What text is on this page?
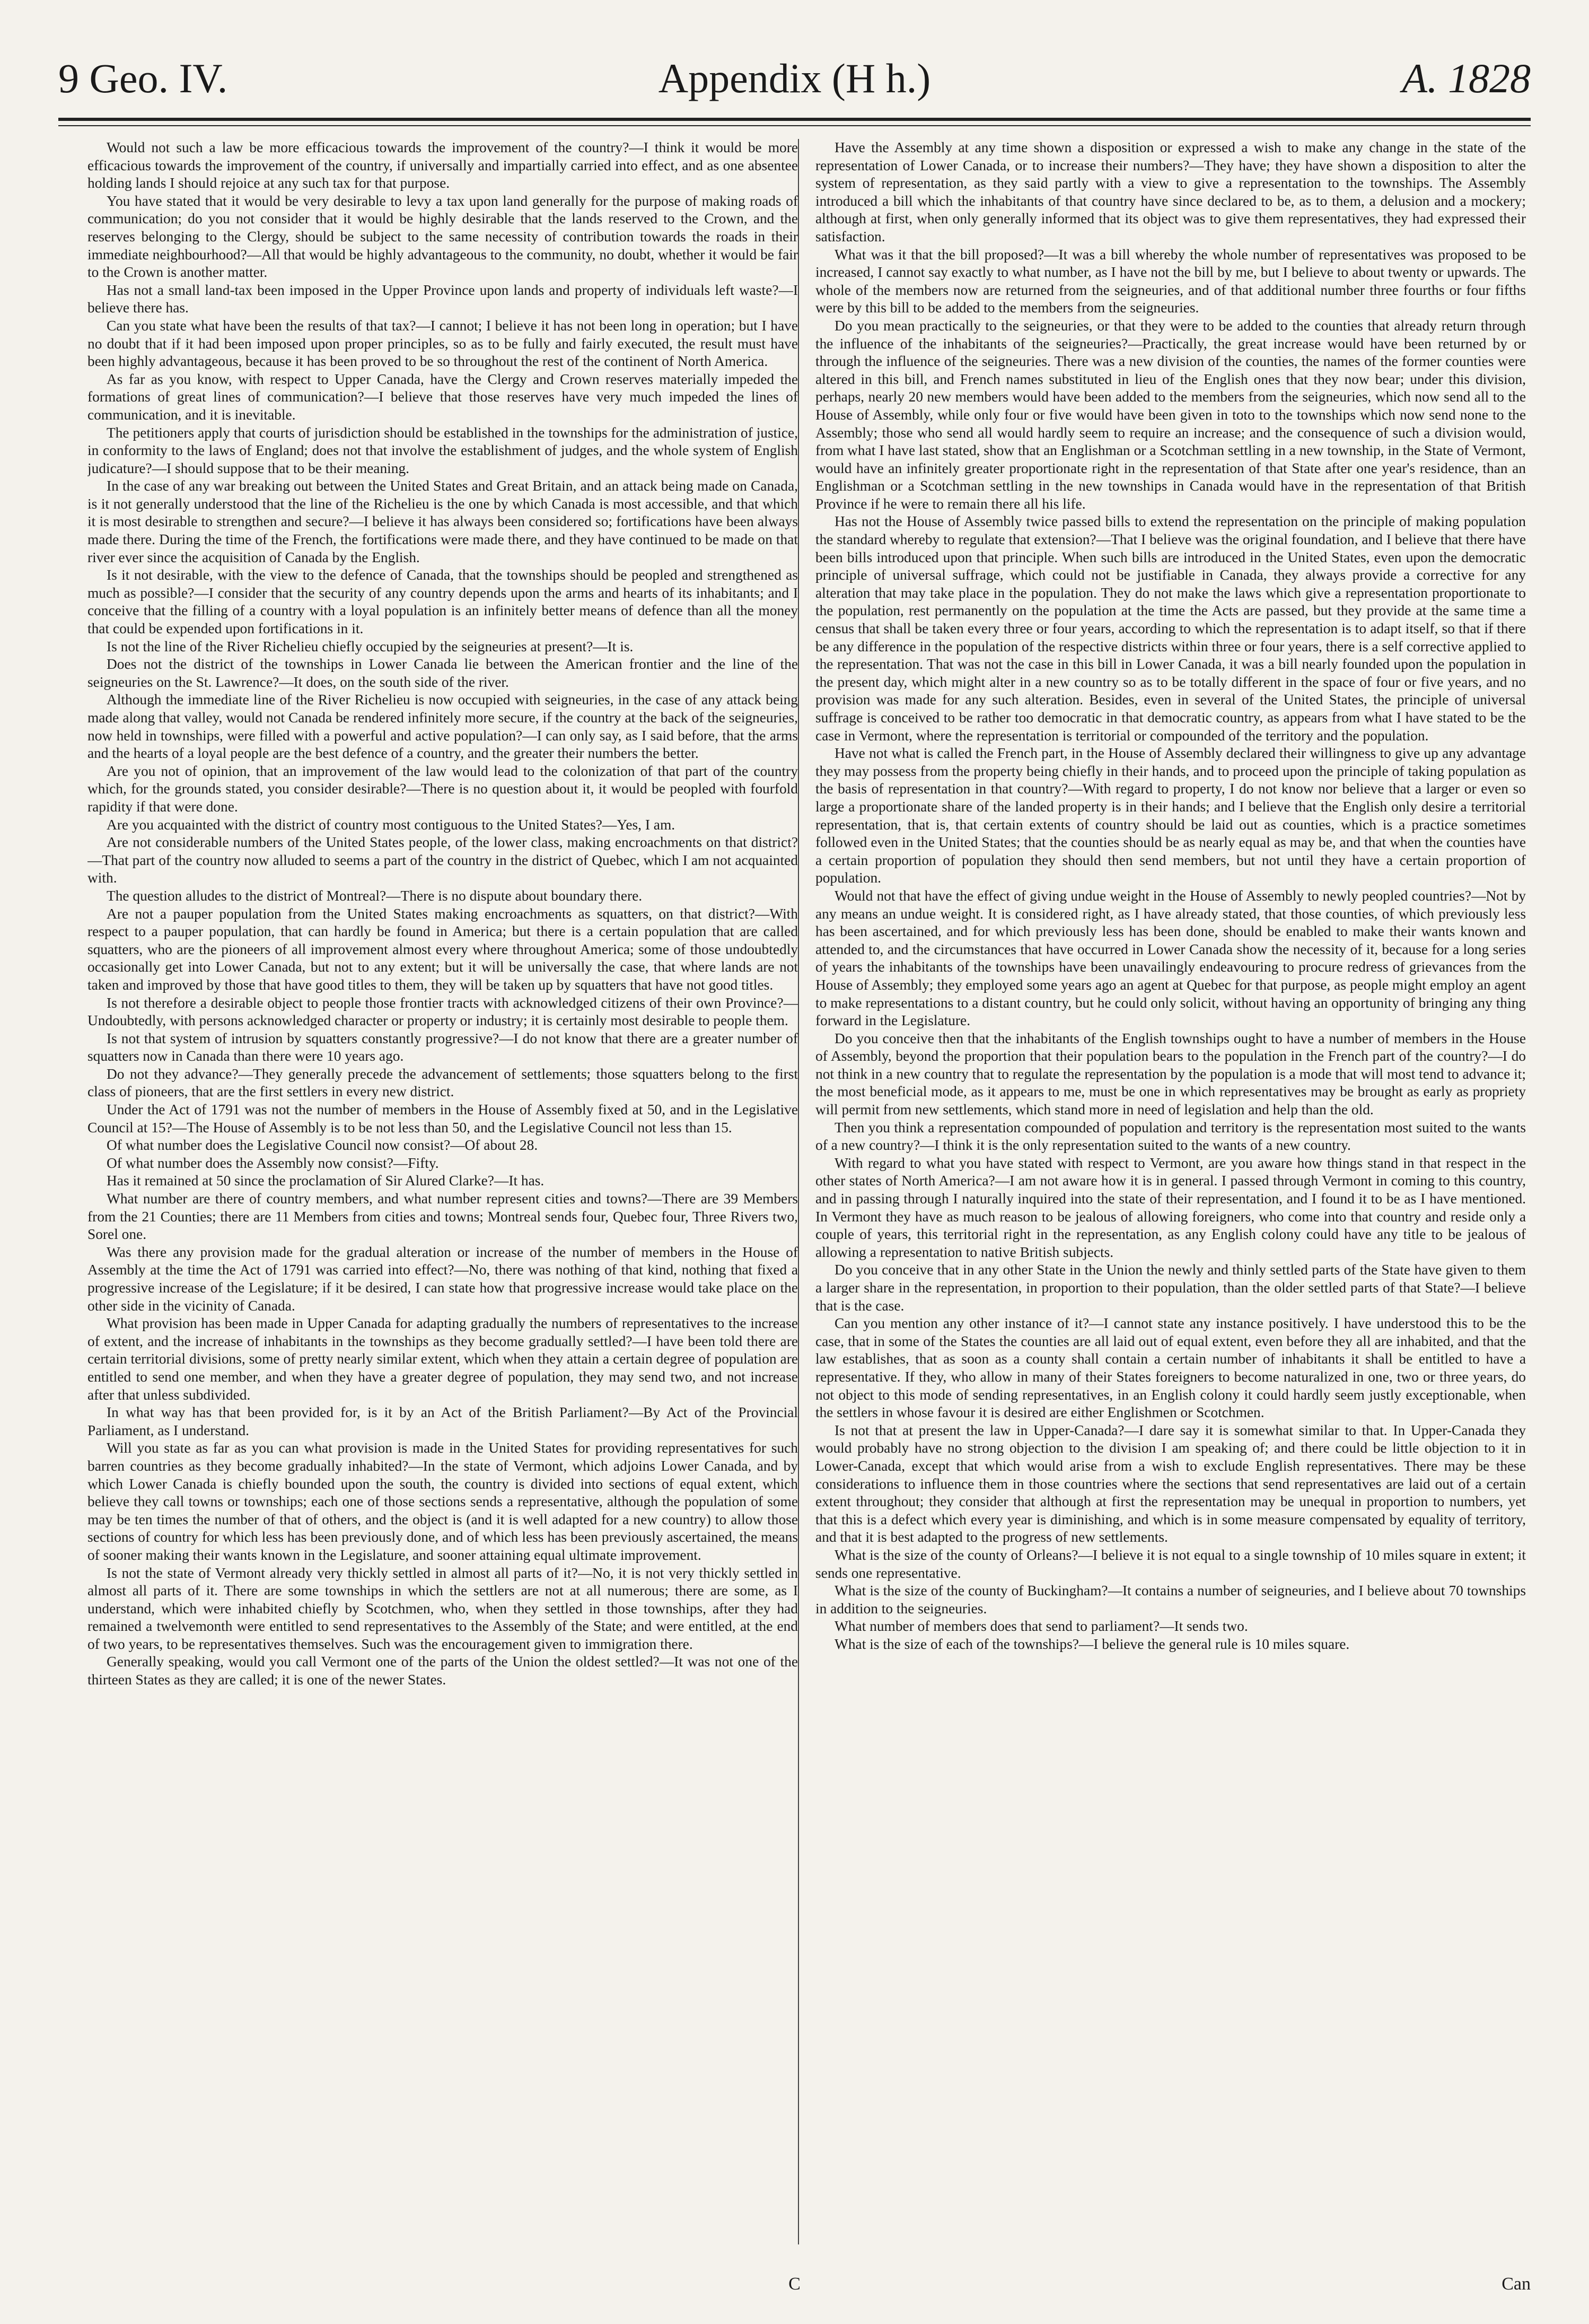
9 Geo. IV.	Appendix (H h.)	A. 1828

Would not such a law be more efficacious towards the improvement of the country?—I think it would be more efficacious towards the improvement of the country, if universally and impartially carried into effect, and as one absentee holding lands I should rejoice at any such tax for that purpose.

You have stated that it would be very desirable to levy a tax upon land generally for the purpose of making roads of communication; do you not consider that it would be highly desirable that the lands reserved to the Crown, and the reserves belonging to the Clergy, should be subject to the same necessity of contribution towards the roads in their immediate neighbourhood?—All that would be highly advantageous to the community, no doubt, whether it would be fair to the Crown is another matter.

Has not a small land-tax been imposed in the Upper Province upon lands and property of individuals left waste?—I believe there has.

Can you state what have been the results of that tax?—I cannot; I believe it has not been long in operation; but I have no doubt that if it had been imposed upon proper principles, so as to be fully and fairly executed, the result must have been highly advantageous, because it has been proved to be so throughout the rest of the continent of North America.

As far as you know, with respect to Upper Canada, have the Clergy and Crown reserves materially impeded the formations of great lines of communication?—I believe that those reserves have very much impeded the lines of communication, and it is inevitable.

The petitioners apply that courts of jurisdiction should be established in the townships for the administration of justice, in conformity to the laws of England; does not that involve the establishment of judges, and the whole system of English judicature?—I should suppose that to be their meaning.

In the case of any war breaking out between the United States and Great Britain, and an attack being made on Canada, is it not generally understood that the line of the Richelieu is the one by which Canada is most accessible, and that which it is most desirable to strengthen and secure?—I believe it has always been considered so; fortifications have been always made there. During the time of the French, the fortifications were made there, and they have continued to be made on that river ever since the acquisition of Canada by the English.

Is it not desirable, with the view to the defence of Canada, that the townships should be peopled and strengthened as much as possible?—I consider that the security of any country depends upon the arms and hearts of its inhabitants; and I conceive that the filling of a country with a loyal population is an infinitely better means of defence than all the money that could be expended upon fortifications in it.

Is not the line of the River Richelieu chiefly occupied by the seigneuries at present?—It is.

Does not the district of the townships in Lower Canada lie between the American frontier and the line of the seigneuries on the St. Lawrence?—It does, on the south side of the river.

Although the immediate line of the River Richelieu is now occupied with seigneuries, in the case of any attack being made along that valley, would not Canada be rendered infinitely more secure, if the country at the back of the seigneuries, now held in townships, were filled with a powerful and active population?—I can only say, as I said before, that the arms and the hearts of a loyal people are the best defence of a country, and the greater their numbers the better.

Are you not of opinion, that an improvement of the law would lead to the colonization of that part of the country which, for the grounds stated, you consider desirable?—There is no question about it, it would be peopled with fourfold rapidity if that were done.

Are you acquainted with the district of country most contiguous to the United States?—Yes, I am.

Are not considerable numbers of the United States people, of the lower class, making encroachments on that district?—That part of the country now alluded to seems a part of the country in the district of Quebec, which I am not acquainted with.

The question alludes to the district of Montreal?—There is no dispute about boundary there.

Are not a pauper population from the United States making encroachments as squatters, on that district?—With respect to a pauper population, that can hardly be found in America; but there is a certain population that are called squatters, who are the pioneers of all improvement almost every where throughout America; some of those undoubtedly occasionally get into Lower Canada, but not to any extent; but it will be universally the case, that where lands are not taken and improved by those that have good titles to them, they will be taken up by squatters that have not good titles.

Is not therefore a desirable object to people those frontier tracts with acknowledged citizens of their own Province?—Undoubtedly, with persons acknowledged character or property or industry; it is certainly most desirable to people them.

Is not that system of intrusion by squatters constantly progressive?—I do not know that there are a greater number of squatters now in Canada than there were 10 years ago.

Do not they advance?—They generally precede the advancement of settlements; those squatters belong to the first class of pioneers, that are the first settlers in every new district.

Under the Act of 1791 was not the number of members in the House of Assembly fixed at 50, and in the Legislative Council at 15?—The House of Assembly is to be not less than 50, and the Legislative Council not less than 15.

Of what number does the Legislative Council now consist?—Of about 28.

Of what number does the Assembly now consist?—Fifty.

Has it remained at 50 since the proclamation of Sir Alured Clarke?—It has.

What number are there of country members, and what number represent cities and towns?—There are 39 Members from the 21 Counties; there are 11 Members from cities and towns; Montreal sends four, Quebec four, Three Rivers two, Sorel one.

Was there any provision made for the gradual alteration or increase of the number of members in the House of Assembly at the time the Act of 1791 was carried into effect?—No, there was nothing of that kind, nothing that fixed a progressive increase of the Legislature; if it be desired, I can state how that progressive increase would take place on the other side in the vicinity of Canada.

What provision has been made in Upper Canada for adapting gradually the numbers of representatives to the increase of extent, and the increase of inhabitants in the townships as they become gradually settled?—I have been told there are certain territorial divisions, some of pretty nearly similar extent, which when they attain a certain degree of population are entitled to send one member, and when they have a greater degree of population, they may send two, and not increase after that unless subdivided.

In what way has that been provided for, is it by an Act of the British Parliament?—By Act of the Provincial Parliament, as I understand.

Will you state as far as you can what provision is made in the United States for providing representatives for such barren countries as they become gradually inhabited?—In the state of Vermont, which adjoins Lower Canada, and by which Lower Canada is chiefly bounded upon the south, the country is divided into sections of equal extent, which believe they call towns or townships; each one of those sections sends a representative, although the population of some may be ten times the number of that of others, and the object is (and it is well adapted for a new country) to allow those sections of country for which less has been previously done, and of which less has been previously ascertained, the means of sooner making their wants known in the Legislature, and sooner attaining equal ultimate improvement.

Is not the state of Vermont already very thickly settled in almost all parts of it?—No, it is not very thickly settled in almost all parts of it. There are some townships in which the settlers are not at all numerous; there are some, as I understand, which were inhabited chiefly by Scotchmen, who, when they settled in those townships, after they had remained a twelvemonth were entitled to send representatives to the Assembly of the State; and were entitled, at the end of two years, to be representatives themselves. Such was the encouragement given to immigration there.

Generally speaking, would you call Vermont one of the parts of the Union the oldest settled?—It was not one of the thirteen States as they are called; it is one of the newer States.

Have the Assembly at any time shown a disposition or expressed a wish to make any change in the state of the representation of Lower Canada, or to increase their numbers?—They have; they have shown a disposition to alter the system of representation, as they said partly with a view to give a representation to the townships. The Assembly introduced a bill which the inhabitants of that country have since declared to be, as to them, a delusion and a mockery; although at first, when only generally informed that its object was to give them representatives, they had expressed their satisfaction.

What was it that the bill proposed?—It was a bill whereby the whole number of representatives was proposed to be increased, I cannot say exactly to what number, as I have not the bill by me, but I believe to about twenty or upwards. The whole of the members now are returned from the seigneuries, and of that additional number three fourths or four fifths were by this bill to be added to the members from the seigneuries.

Do you mean practically to the seigneuries, or that they were to be added to the counties that already return through the influence of the inhabitants of the seigneuries?—Practically, the great increase would have been returned by or through the influence of the seigneuries. There was a new division of the counties, the names of the former counties were altered in this bill, and French names substituted in lieu of the English ones that they now bear; under this division, perhaps, nearly 20 new members would have been added to the members from the seigneuries, which now send all to the House of Assembly, while only four or five would have been given in toto to the townships which now send none to the Assembly; those who send all would hardly seem to require an increase; and the consequence of such a division would, from what I have last stated, show that an Englishman or a Scotchman settling in a new township, in the State of Vermont, would have an infinitely greater proportionate right in the representation of that State after one year's residence, than an Englishman or a Scotchman settling in the new townships in Canada would have in the representation of that British Province if he were to remain there all his life.

Has not the House of Assembly twice passed bills to extend the representation on the principle of making population the standard whereby to regulate that extension?—That I believe was the original foundation, and I believe that there have been bills introduced upon that principle. When such bills are introduced in the United States, even upon the democratic principle of universal suffrage, which could not be justifiable in Canada, they always provide a corrective for any alteration that may take place in the population. They do not make the laws which give a representation proportionate to the population, rest permanently on the population at the time the Acts are passed, but they provide at the same time a census that shall be taken every three or four years, according to which the representation is to adapt itself, so that if there be any difference in the population of the respective districts within three or four years, there is a self corrective applied to the representation. That was not the case in this bill in Lower Canada, it was a bill nearly founded upon the population in the present day, which might alter in a new country so as to be totally different in the space of four or five years, and no provision was made for any such alteration. Besides, even in several of the United States, the principle of universal suffrage is conceived to be rather too democratic in that democratic country, as appears from what I have stated to be the case in Vermont, where the representation is territorial or compounded of the territory and the population.

Have not what is called the French part, in the House of Assembly declared their willingness to give up any advantage they may possess from the property being chiefly in their hands, and to proceed upon the principle of taking population as the basis of representation in that country?—With regard to property, I do not know nor believe that a larger or even so large a proportionate share of the landed property is in their hands; and I believe that the English only desire a territorial representation, that is, that certain extents of country should be laid out as counties, which is a practice sometimes followed even in the United States; that the counties should be as nearly equal as may be, and that when the counties have a certain proportion of population they should then send members, but not until they have a certain proportion of population.

Would not that have the effect of giving undue weight in the House of Assembly to newly peopled countries?—Not by any means an undue weight. It is considered right, as I have already stated, that those counties, of which previously less has been ascertained, and for which previously less has been done, should be enabled to make their wants known and attended to, and the circumstances that have occurred in Lower Canada show the necessity of it, because for a long series of years the inhabitants of the townships have been unavailingly endeavouring to procure redress of grievances from the House of Assembly; they employed some years ago an agent at Quebec for that purpose, as people might employ an agent to make representations to a distant country, but he could only solicit, without having an opportunity of bringing any thing forward in the Legislature.

Do you conceive then that the inhabitants of the English townships ought to have a number of members in the House of Assembly, beyond the proportion that their population bears to the population in the French part of the country?—I do not think in a new country that to regulate the representation by the population is a mode that will most tend to advance it; the most beneficial mode, as it appears to me, must be one in which representatives may be brought as early as propriety will permit from new settlements, which stand more in need of legislation and help than the old.

Then you think a representation compounded of population and territory is the representation most suited to the wants of a new country?—I think it is the only representation suited to the wants of a new country.

With regard to what you have stated with respect to Vermont, are you aware how things stand in that respect in the other states of North America?—I am not aware how it is in general. I passed through Vermont in coming to this country, and in passing through I naturally inquired into the state of their representation, and I found it to be as I have mentioned. In Vermont they have as much reason to be jealous of allowing foreigners, who come into that country and reside only a couple of years, this territorial right in the representation, as any English colony could have any title to be jealous of allowing a representation to native British subjects.

Do you conceive that in any other State in the Union the newly and thinly settled parts of the State have given to them a larger share in the representation, in proportion to their population, than the older settled parts of that State?—I believe that is the case.

Can you mention any other instance of it?—I cannot state any instance positively. I have understood this to be the case, that in some of the States the counties are all laid out of equal extent, even before they all are inhabited, and that the law establishes, that as soon as a county shall contain a certain number of inhabitants it shall be entitled to have a representative. If they, who allow in many of their States foreigners to become naturalized in one, two or three years, do not object to this mode of sending representatives, in an English colony it could hardly seem justly exceptionable, when the settlers in whose favour it is desired are either Englishmen or Scotchmen.

Is not that at present the law in Upper-Canada?—I dare say it is somewhat similar to that. In Upper-Canada they would probably have no strong objection to the division I am speaking of; and there could be little objection to it in Lower-Canada, except that which would arise from a wish to exclude English representatives. There may be these considerations to influence them in those countries where the sections that send representatives are laid out of a certain extent throughout; they consider that although at first the representation may be unequal in proportion to numbers, yet that this is a defect which every year is diminishing, and which is in some measure compensated by equality of territory, and that it is best adapted to the progress of new settlements.

What is the size of the county of Orleans?—I believe it is not equal to a single township of 10 miles square in extent; it sends one representative.

What is the size of the county of Buckingham?—It contains a number of seigneuries, and I believe about 70 townships in addition to the seigneuries.

What number of members does that send to parliament?—It sends two.

What is the size of each of the townships?—I believe the general rule is 10 miles square.

C	Can
